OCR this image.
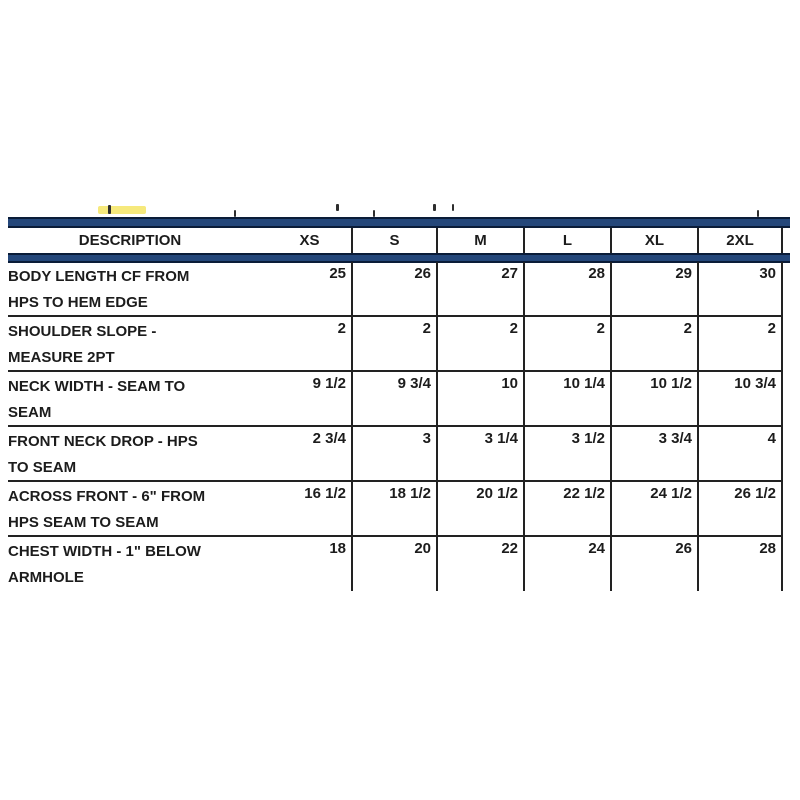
DESCRIPTION	XS	S	M	L	XL	2XL
BODY LENGTH CF FROM
HPS TO HEM EDGE
25	26	27	28	29	30
SHOULDER SLOPE -
MEASURE 2PT
2	2	2	2	2	2
NECK WIDTH - SEAM TO
SEAM
9 1/2	9 3/4	10	10 1/4	10 1/2	10 3/4
FRONT NECK DROP - HPS
TO SEAM
2 3/4	3	3 1/4	3 1/2	3 3/4	4
ACROSS FRONT - 6" FROM
HPS SEAM TO SEAM
16 1/2	18 1/2	20 1/2	22 1/2	24 1/2	26 1/2
CHEST WIDTH - 1" BELOW
ARMHOLE
18	20	22	24	26	28
